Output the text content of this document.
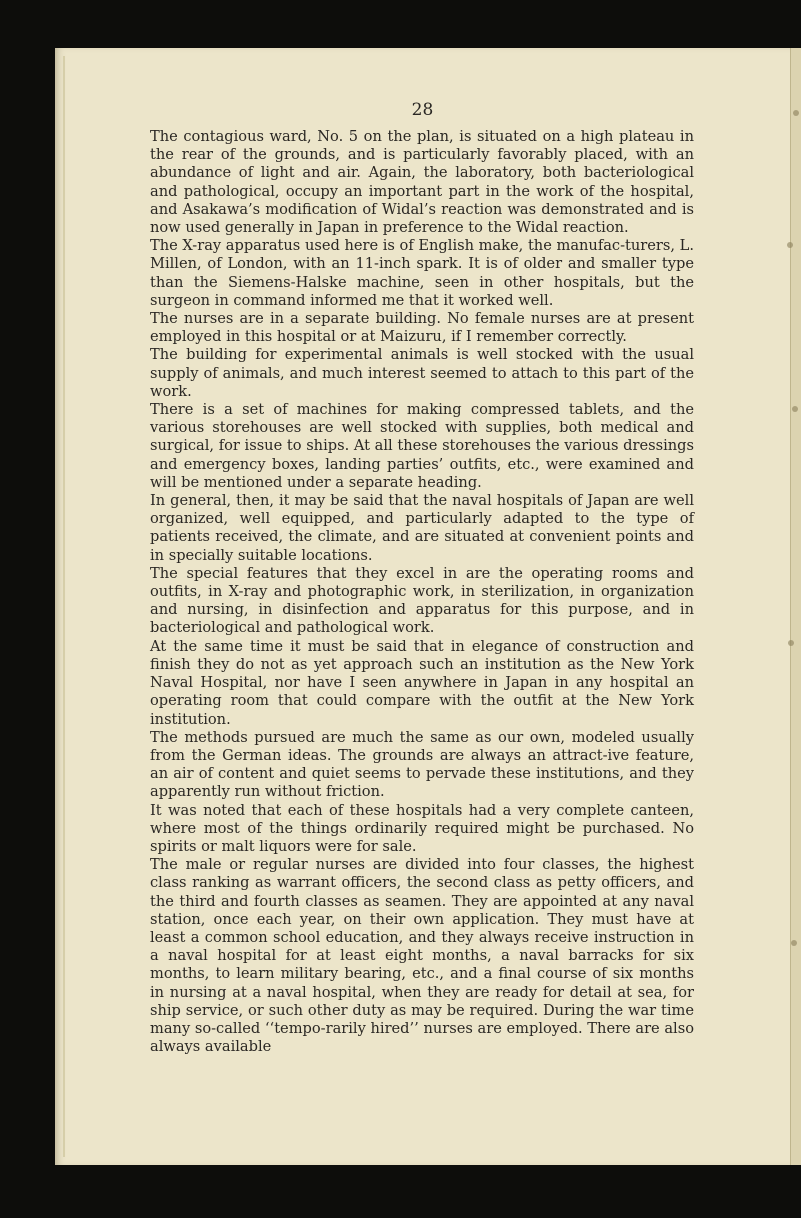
28

The contagious ward, No. 5 on the plan, is situated on a high plateau in the rear of the grounds, and is particularly favorably placed, with an abundance of light and air. Again, the laboratory, both bacteriological and pathological, occupy an important part in the work of the hospital, and Asakawa’s modification of Widal’s reaction was demonstrated and is now used generally in Japan in preference to the Widal reaction.

The X-ray apparatus used here is of English make, the manufac-turers, L. Millen, of London, with an 11-inch spark. It is of older and smaller type than the Siemens-Halske machine, seen in other hospitals, but the surgeon in command informed me that it worked well.

The nurses are in a separate building. No female nurses are at present employed in this hospital or at Maizuru, if I remember correctly.

The building for experimental animals is well stocked with the usual supply of animals, and much interest seemed to attach to this part of the work.

There is a set of machines for making compressed tablets, and the various storehouses are well stocked with supplies, both medical and surgical, for issue to ships. At all these storehouses the various dressings and emergency boxes, landing parties’ outfits, etc., were examined and will be mentioned under a separate heading.

In general, then, it may be said that the naval hospitals of Japan are well organized, well equipped, and particularly adapted to the type of patients received, the climate, and are situated at convenient points and in specially suitable locations.

The special features that they excel in are the operating rooms and outfits, in X-ray and photographic work, in sterilization, in organization and nursing, in disinfection and apparatus for this purpose, and in bacteriological and pathological work.

At the same time it must be said that in elegance of construction and finish they do not as yet approach such an institution as the New York Naval Hospital, nor have I seen anywhere in Japan in any hospital an operating room that could compare with the outfit at the New York institution.

The methods pursued are much the same as our own, modeled usually from the German ideas. The grounds are always an attract-ive feature, an air of content and quiet seems to pervade these institutions, and they apparently run without friction.

It was noted that each of these hospitals had a very complete canteen, where most of the things ordinarily required might be purchased. No spirits or malt liquors were for sale.

The male or regular nurses are divided into four classes, the highest class ranking as warrant officers, the second class as petty officers, and the third and fourth classes as seamen. They are appointed at any naval station, once each year, on their own application. They must have at least a common school education, and they always receive instruction in a naval hospital for at least eight months, a naval barracks for six months, to learn military bearing, etc., and a final course of six months in nursing at a naval hospital, when they are ready for detail at sea, for ship service, or such other duty as may be required. During the war time many so-called ‘‘tempo-rarily hired’’ nurses are employed. There are also always available
